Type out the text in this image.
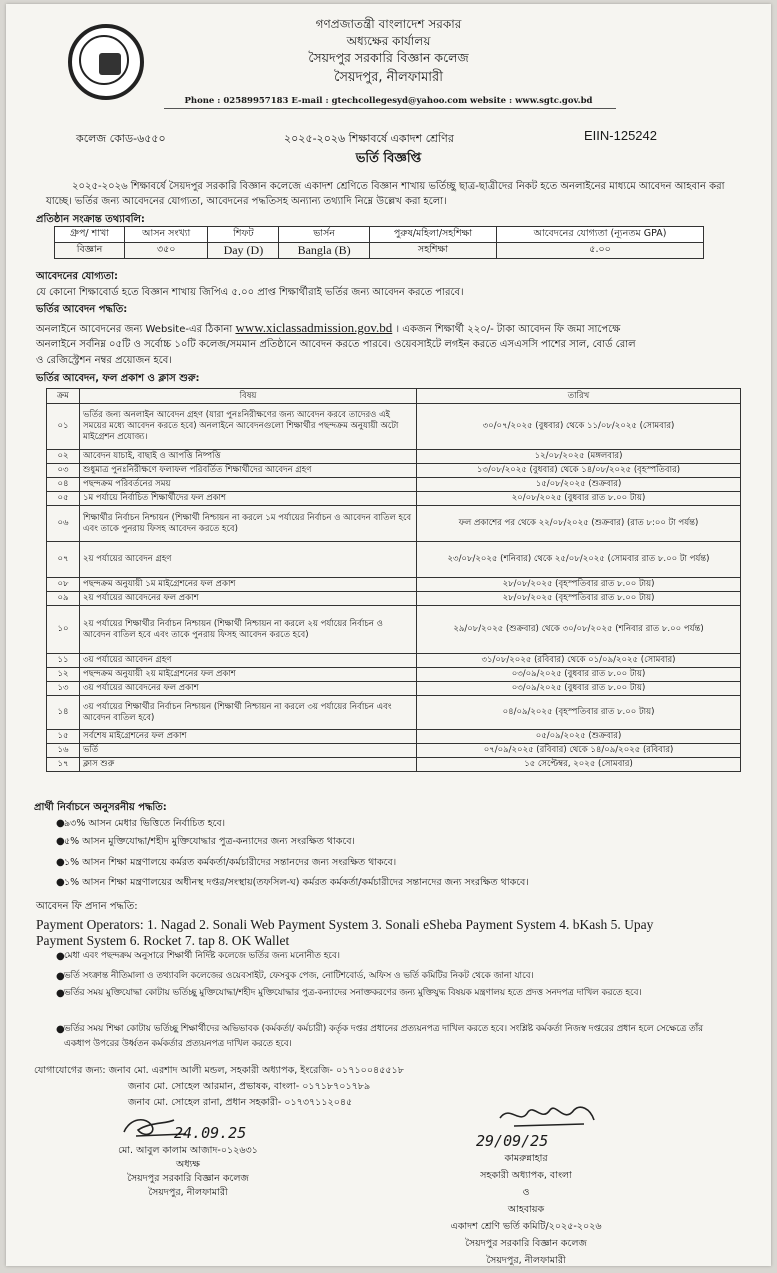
গণপ্রজাতন্ত্রী বাংলাদেশ সরকার
অধ্যক্ষের কার্যালয়
সৈয়দপুর সরকারি বিজ্ঞান কলেজ
সৈয়দপুর, নীলফামারী
Phone : 02589957183 E-mail : gtechcollegesyd@yahoo.com website : www.sgtc.gov.bd
কলেজ কোড-৬৫৫০	২০২৫-২০২৬ শিক্ষাবর্ষে একাদশ শ্রেণির	EIIN-125242
ভর্তি বিজ্ঞপ্তি
২০২৫-২০২৬ শিক্ষাবর্ষে সৈয়দপুর সরকারি বিজ্ঞান কলেজে একাদশ শ্রেণিতে বিজ্ঞান শাখায় ভর্তিচ্ছু ছাত্র-ছাত্রীদের নিকট হতে অনলাইনের মাধ্যমে আবেদন আহবান করা যাচ্ছে। ভর্তির জন্য আবেদনের যোগ্যতা, আবেদনের পদ্ধতিসহ অন্যান্য তথ্যাদি নিম্নে উল্লেখ করা হলো।
প্রতিষ্ঠান সংক্রান্ত তথ্যাবলি:
গ্রুপ/ শাখা	আসন সংখ্যা	শিফট	ভার্সন	পুরুষ/মহিলা/সহশিক্ষা	আবেদনের যোগ্যতা (ন্যূনতম GPA)
বিজ্ঞান	৩৫০	Day (D)	Bangla (B)	সহশিক্ষা	৫.০০
আবেদনের যোগ্যতা:
যে কোনো শিক্ষাবোর্ড হতে বিজ্ঞান শাখায় জিপিএ ৫.০০ প্রাপ্ত শিক্ষার্থীরাই ভর্তির জন্য আবেদন করতে পারবে।
ভর্তির আবেদন পদ্ধতি:
অনলাইনে আবেদনের জন্য Website-এর ঠিকানা www.xiclassadmission.gov.bd । একজন শিক্ষার্থী ২২০/- টাকা আবেদন ফি জমা সাপেক্ষে
অনলাইনে সর্বনিম্ন ০৫টি ও সর্বোচ্চ ১০টি কলেজ/সমমান প্রতিষ্ঠানে আবেদন করতে পারবে। ওয়েবসাইটে লগইন করতে এসএসসি পাশের সাল, বোর্ড রোল
ও রেজিস্ট্রেশন নম্বর প্রয়োজন হবে।
ভর্তির আবেদন, ফল প্রকাশ ও ক্লাস শুরু:
ক্রম	বিষয়	তারিখ
০১	ভর্তির জন্য অনলাইন আবেদন গ্রহণ (যারা পুনঃনিরীক্ষণের জন্য আবেদন করবে তাদেরও এই সময়ের মধ্যে আবেদন করতে হবে) অনলাইনে আবেদনগুলো শিক্ষার্থীর পছন্দক্রম অনুযায়ী অটো মাইগ্রেশন প্রযোজ্য।	৩০/০৭/২০২৫ (বুধবার) থেকে ১১/০৮/২০২৫ (সোমবার)
০২	আবেদন যাচাই, বাছাই ও আপত্তি নিষ্পত্তি	১২/০৮/২০২৫ (মঙ্গলবার)
০৩	শুধুমাত্র পুনঃনিরীক্ষণে ফলাফল পরিবর্তিত শিক্ষার্থীদের আবেদন গ্রহণ	১৩/০৮/২০২৫ (বুধবার) থেকে ১৪/০৮/২০২৫ (বৃহস্পতিবার)
০৪	পছন্দক্রম পরিবর্তনের সময়	১৫/০৮/২০২৫ (শুক্রবার)
০৫	১ম পর্যায়ে নির্বাচিত শিক্ষার্থীদের ফল প্রকাশ	২০/০৮/২০২৫ (বুধবার রাত ৮.০০ টায়)
০৬	শিক্ষার্থীর নির্বাচন নিশ্চায়ন (শিক্ষার্থী নিশ্চায়ন না করলে ১ম পর্যায়ের নির্বাচন ও আবেদন বাতিল হবে এবং তাকে পুনরায় ফিসহ আবেদন করতে হবে)	ফল প্রকাশের পর থেকে ২২/০৮/২০২৫ (শুক্রবার) (রাত ৮:০০ টা পর্যন্ত)
০৭	২য় পর্যায়ের আবেদন গ্রহণ	২৩/০৮/২০২৫ (শনিবার) থেকে ২৫/০৮/২০২৫ (সোমবার রাত ৮.০০ টা পর্যন্ত)
০৮	পছন্দক্রম অনুযায়ী ১ম মাইগ্রেশনের ফল প্রকাশ	২৮/০৮/২০২৫ (বৃহস্পতিবার রাত ৮.০০ টায়)
০৯	২য় পর্যায়ের আবেদনের ফল প্রকাশ	২৮/০৮/২০২৫ (বৃহস্পতিবার রাত ৮.০০ টায়)
১০	২য় পর্যায়ের শিক্ষার্থীর নির্বাচন নিশ্চায়ন (শিক্ষার্থী নিশ্চায়ন না করলে ২য় পর্যায়ের নির্বাচন ও আবেদন বাতিল হবে এবং তাকে পুনরায় ফিসহ আবেদন করতে হবে)	২৯/০৮/২০২৫ (শুক্রবার) থেকে ৩০/০৮/২০২৫ (শনিবার রাত ৮.০০ পর্যন্ত)
১১	৩য় পর্যায়ের আবেদন গ্রহণ	৩১/০৮/২০২৫ (রবিবার) থেকে ০১/০৯/২০২৫ (সোমবার)
১২	পছন্দক্রম অনুযায়ী ২য় মাইগ্রেশনের ফল প্রকাশ	০৩/০৯/২০২৫ (বুধবার রাত ৮.০০ টায়)
১৩	৩য় পর্যায়ের আবেদনের ফল প্রকাশ	০৩/০৯/২০২৫ (বুধবার রাত ৮.০০ টায়)
১৪	৩য় পর্যায়ের শিক্ষার্থীর নির্বাচন নিশ্চায়ন (শিক্ষার্থী নিশ্চায়ন না করলে ৩য় পর্যায়ের নির্বাচন এবং আবেদন বাতিল হবে)	০৪/০৯/২০২৫ (বৃহস্পতিবার রাত ৮.০০ টায়)
১৫	সর্বশেষ মাইগ্রেশনের ফল প্রকাশ	০৫/০৯/২০২৫ (শুক্রবার)
১৬	ভর্তি	০৭/০৯/২০২৫ (রবিবার) থেকে ১৪/০৯/২০২৫ (রবিবার)
১৭	ক্লাস শুরু	১৫ সেপ্টেম্বর, ২০২৫ (সোমবার)
প্রার্থী নির্বাচনে অনুসরনীয় পদ্ধতি:
● ৯৩% আসন মেধার ভিত্তিতে নির্বাচিত হবে।
● ৫% আসন মুক্তিযোদ্ধা/শহীদ মুক্তিযোদ্ধার পুত্র-কন্যাদের জন্য সংরক্ষিত থাকবে।
● ১% আসন শিক্ষা মন্ত্রণালয়ে কর্মরত কর্মকর্তা/কর্মচারীদের সন্তানদের জন্য সংরক্ষিত থাকবে।
● ১% আসন শিক্ষা মন্ত্রণালয়ের অধীনস্থ দপ্তর/সংস্থায়(তফসিল-ঘ) কর্মরত কর্মকর্তা/কর্মচারীদের সন্তানদের জন্য সংরক্ষিত থাকবে।
আবেদন ফি প্রদান পদ্ধতি:
Payment Operators: 1. Nagad 2. Sonali Web Payment System 3. Sonali eSheba Payment System 4. bKash 5. Upay
Payment System 6. Rocket 7. tap 8. OK Wallet
● মেধা এবং পছন্দক্রম অনুসারে শিক্ষার্থী নির্দিষ্ট কলেজে ভর্তির জন্য মনোনীত হবে।
● ভর্তি সংক্রান্ত নীতিমালা ও তথ্যাবলি কলেজের ওয়েবসাইট, ফেসবুক পেজ, নোটিশবোর্ড, অফিস ও ভর্তি কমিটির নিকট থেকে জানা যাবে।
● ভর্তির সময় মুক্তিযোদ্ধা কোটায় ভর্তিচ্ছু মুক্তিযোদ্ধা/শহীদ মুক্তিযোদ্ধার পুত্র-কন্যাদের সনাক্তকরণের জন্য মুক্তিযুদ্ধ বিষয়ক মন্ত্রণালয় হতে প্রদত্ত সনদপত্র দাখিল করতে হবে।
● ভর্তির সময় শিক্ষা কোটায় ভর্তিচ্ছু শিক্ষার্থীদের অভিভাবক (কর্মকর্তা/ কর্মচারী) কর্তৃক দপ্তর প্রধানের প্রত্যয়নপত্র দাখিল করতে হবে। সংশ্লিষ্ট কর্মকর্তা নিজস্ব দপ্তরের প্রধান হলে সেক্ষেত্রে তাঁর একধাপ উপরের উর্ধ্বতন কর্মকর্তার প্রত্যয়নপত্র দাখিল করতে হবে।
যোগাযোগের জন্য: জনাব মো. এরশাদ আলী মন্ডল, সহকারী অধ্যাপক, ইংরেজি- ০১৭১০০৪৫৫১৮
জনাব মো. সোহেল আরমান, প্রভাষক, বাংলা- ০১৭১৮৭০১৭৮৯
জনাব মো. সোহেল রানা, প্রধান সহকারী- ০১৭৩৭১১২০৪৫
24.09.25
মো. আবুল কালাম আজাদ-০১২৬৩১
অধ্যক্ষ
সৈয়দপুর সরকারি বিজ্ঞান কলেজ
সৈয়দপুর, নীলফামারী
29/09/25
কামরুন্নাহার
সহকারী অধ্যাপক, বাংলা
ও
আহবায়ক
একাদশ শ্রেণি ভর্তি কমিটি/২০২৫-২০২৬
সৈয়দপুর সরকারি বিজ্ঞান কলেজ
সৈয়দপুর, নীলফামারী
